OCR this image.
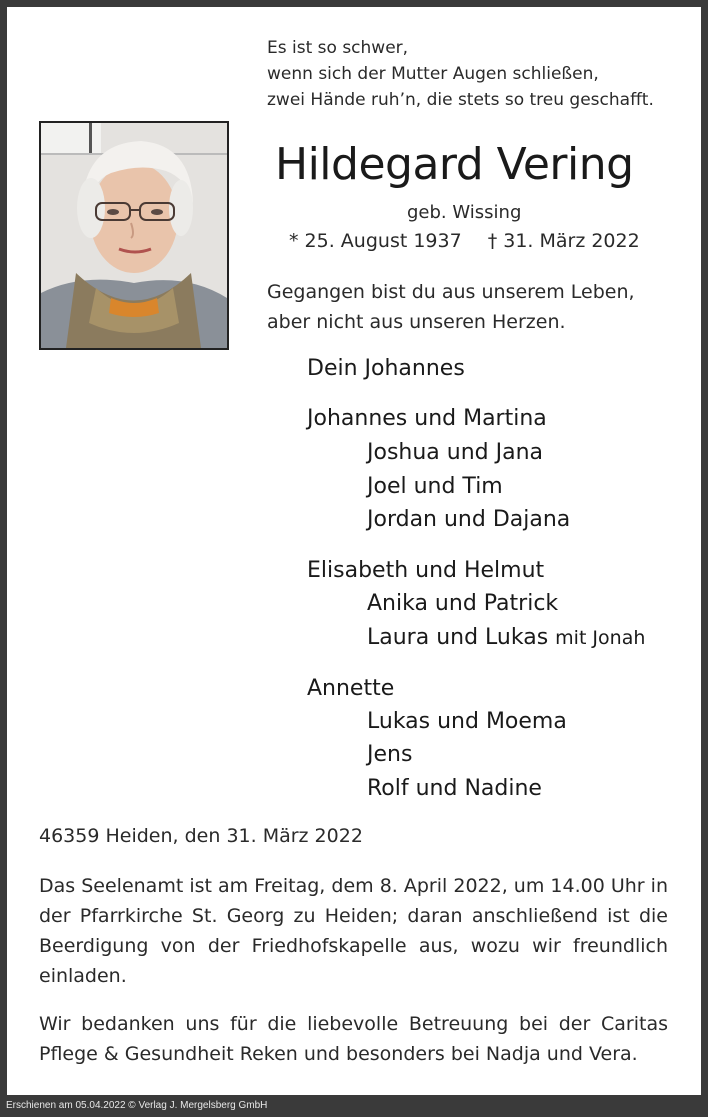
Es ist so schwer,
wenn sich der Mutter Augen schließen,
zwei Hände ruh’n, die stets so treu geschafft.
Hildegard Vering
geb. Wissing
* 25. August 1937 † 31. März 2022
Gegangen bist du aus unserem Leben,
aber nicht aus unseren Herzen.
Dein Johannes
Johannes und Martina
Joshua und Jana
Joel und Tim
Jordan und Dajana
Elisabeth und Helmut
Anika und Patrick
Laura und Lukas mit Jonah
Annette
Lukas und Moema
Jens
Rolf und Nadine
46359 Heiden, den 31. März 2022
Das Seelenamt ist am Freitag, dem 8. April 2022, um 14.00 Uhr in der Pfarrkirche St. Georg zu Heiden; daran anschließend ist die Beerdigung von der Friedhofskapelle aus, wozu wir freundlich einladen.
Wir bedanken uns für die liebevolle Betreuung bei der Caritas Pflege & Gesundheit Reken und besonders bei Nadja und Vera.
Erschienen am 05.04.2022 © Verlag J. Mergelsberg GmbH
